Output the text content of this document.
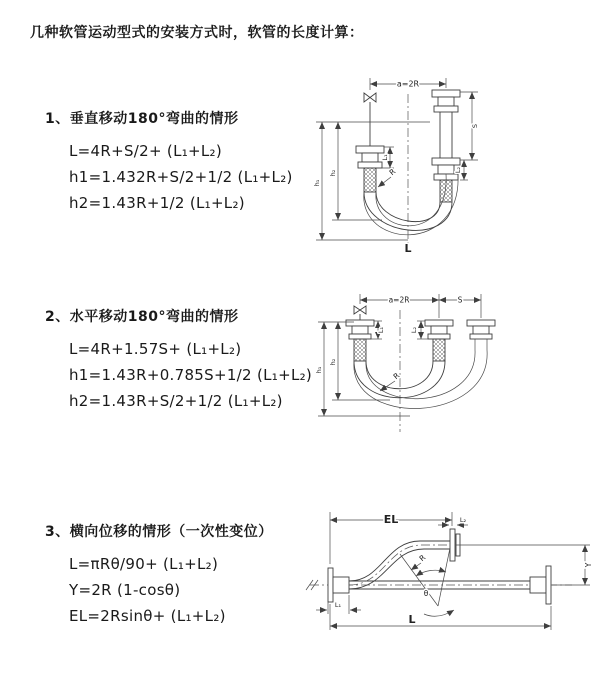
几种软管运动型式的安装方式时，软管的长度计算：
1、垂直移动180°弯曲的情形
L=4R+S/2+ (L₁+L₂)
h1=1.432R+S/2+1/2 (L₁+L₂)
h2=1.43R+1/2 (L₁+L₂)
a=2R
L₁
h₁
h₂
S
L₂
R
L
2、水平移动180°弯曲的情形
L=4R+1.57S+ (L₁+L₂)
h1=1.43R+0.785S+1/2 (L₁+L₂)
h2=1.43R+S/2+1/2 (L₁+L₂)
a=2R	S
h₁
h₂
L₁	L₂
R
3、横向位移的情形（一次性变位）
L=πRθ/90+ (L₁+L₂)
Y=2R (1-cosθ)
EL=2Rsinθ+ (L₁+L₂)
EL	L₂
Y
L
L₁
R
θ
